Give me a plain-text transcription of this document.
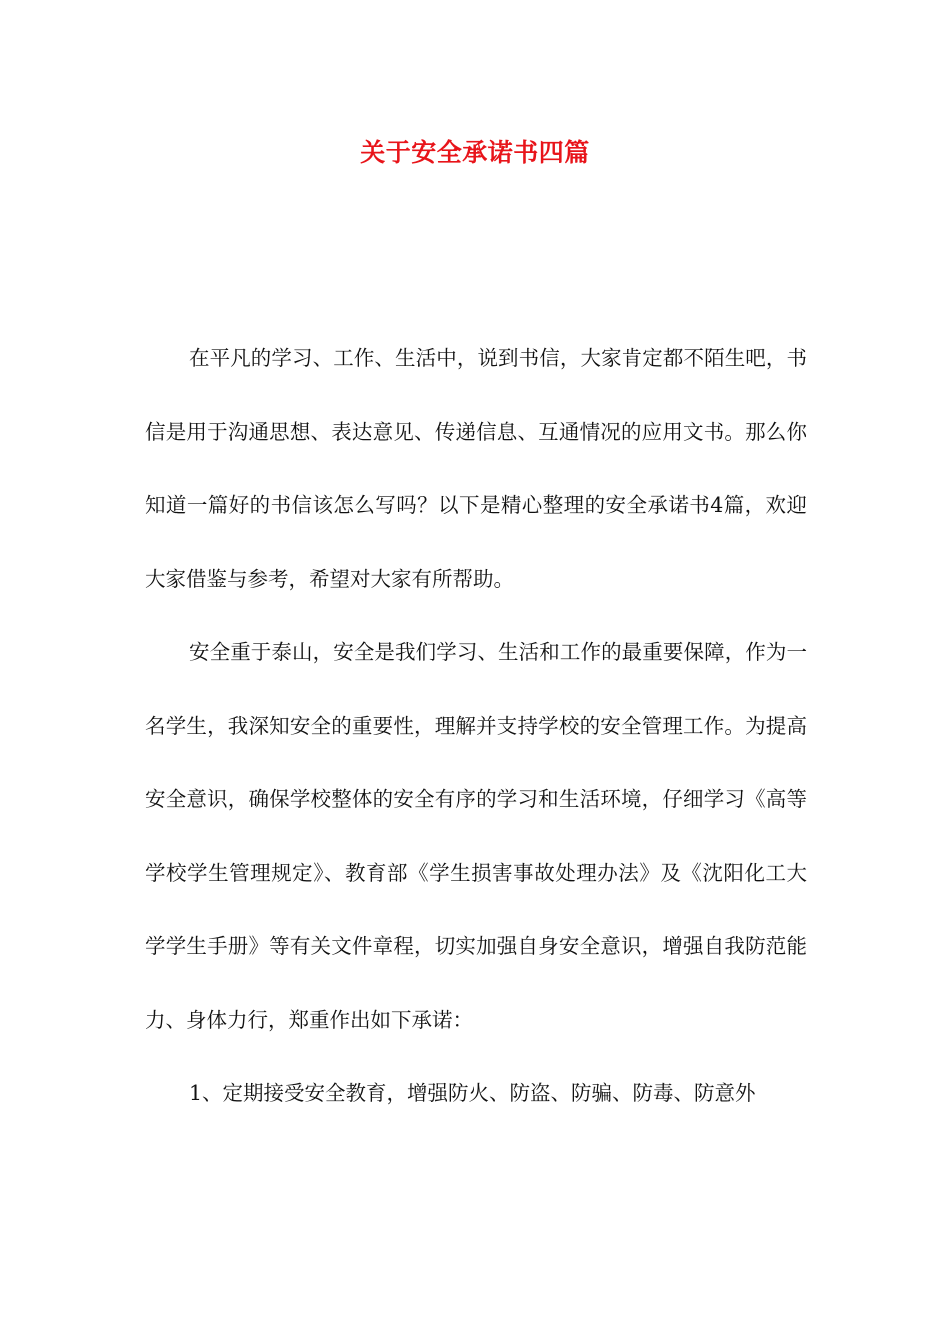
关于安全承诺书四篇

在平凡的学习、工作、生活中，说到书信，大家肯定都不陌生吧，书信是用于沟通思想、表达意见、传递信息、互通情况的应用文书。那么你知道一篇好的书信该怎么写吗？以下是精心整理的安全承诺书4篇，欢迎大家借鉴与参考，希望对大家有所帮助。

安全重于泰山，安全是我们学习、生活和工作的最重要保障，作为一名学生，我深知安全的重要性，理解并支持学校的安全管理工作。为提高安全意识，确保学校整体的安全有序的学习和生活环境，仔细学习《高等学校学生管理规定》、教育部《学生损害事故处理办法》及《沈阳化工大学学生手册》等有关文件章程，切实加强自身安全意识，增强自我防范能力、身体力行，郑重作出如下承诺：

1、定期接受安全教育，增强防火、防盗、防骗、防毒、防意外
